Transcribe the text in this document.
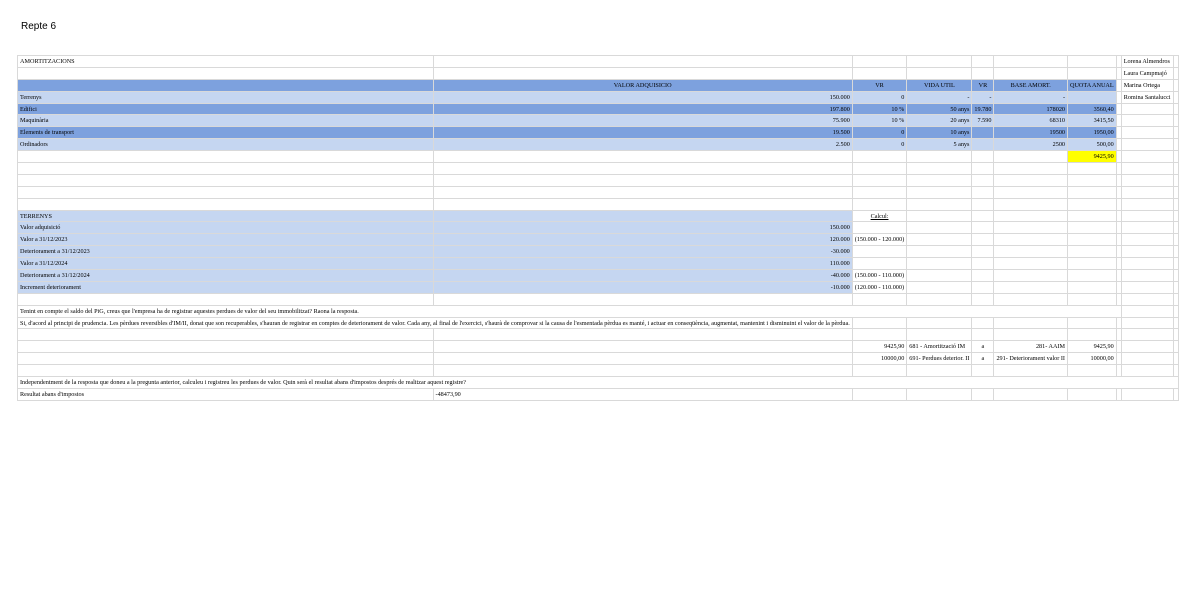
Repte 6
AMORTITZACIONS								Lorena Almendros	
								Laura Campmajó	
	VALOR ADQUISICIO	VR	VIDA UTIL	VR	BASE AMORT.	QUOTA ANUAL		Marina Ortega	
Terrenys	150.000	0	-	-	-			Romina Santalucci	
Edifici	197.800	10 %	50 anys	19.780	178020	3560,40			
Maquinària	75.900	10 %	20 anys	7.590	68310	3415,50			
Elements de transport	19.500	0	10 anys		19500	1950,00			
Ordinadors	2.500	0	5 anys		2500	500,00			
						9425,90			

TERRENYS		Calcul:							
Valor adquisició	150.000								
Valor a 31/12/2023	120.000	(150.000 - 120.000)							
Deteriorament a 31/12/2023	-30.000								
Valor a 31/12/2024	110.000								
Deteriorament a 31/12/2024	-40.000	(150.000 - 110.000)							
Increment deteriorament	-10.000	(120.000 - 110.000)							

Tenint en compte el saldo del PiG, creus que l'empresa ha de registrar aquestes perdues de valor del seu immobilitzat? Raona la resposta.									
Si, d'acord al principi de prudencia. Les pèrdues reversibles d'IM/II, donat que son recuperables, s'hauran de registrar en comptes de deteriorament de valor. Cada any, al final de l'exercici, s'haurà de comprovar si la causa de l'esmentada pèrdua es manté, i actuar en conseqüència, augmentat, mantenint i disminuint el valor de la pèrdua.									

		9425,90	681 - Amortització IM	a	281- AAIM	9425,90			
		10000,00	691- Perdues deterior. II	a	291- Deteriorament valor II	10000,00			

Independentment de la resposta que doneu a la pregunta anterior, calculeu i registreu les perdues de valor. Quin serà el resultat abans d'impostos després de realitzar aquest registre?									
Resultat abans d'impostos	-48473,90								
